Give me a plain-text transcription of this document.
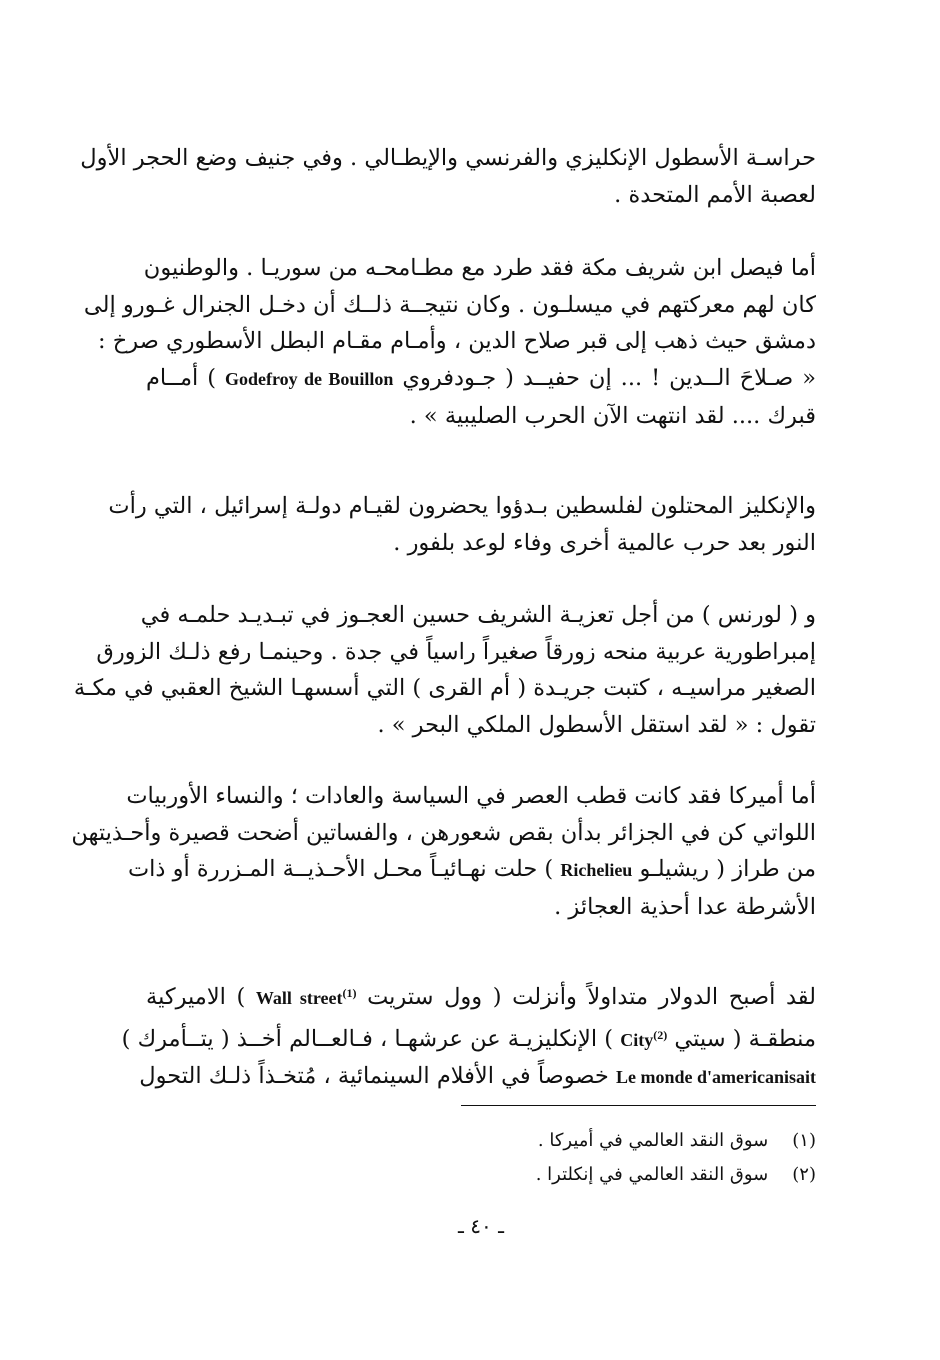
حراسـة الأسطول الإنكليزي والفرنسي والإيطـالي . وفي جنيف وضع الحجر الأول
لعصبة الأمم المتحدة .

أما فيصل ابن شريف مكة فقد طرد مع مطـامحـه من سوريـا . والوطنيون
كان لهم معركتهم في ميسلـون . وكان نتيجــة ذلــك أن دخـل الجنرال غـورو إلى
دمشق حيث ذهب إلى قبر صلاح الدين ، وأمـام مقـام البطل الأسطوري صرخ :
« صـلاحَ الــدين ! ... إن حفيــد ( جـودفروي Godefroy de Bouillon ) أمــام
قبرك .... لقد انتهت الآن الحرب الصليبية » .

والإنكليز المحتلون لفلسطين بـدؤوا يحضرون لقيـام دولـة إسرائيل ، التي رأت
النور بعد حرب عالمية أخرى وفاء لوعد بلفور .

و ( لورنس ) من أجل تعزيـة الشريف حسين العجـوز في تبـديـد حلمـه في
إمبراطورية عربية منحه زورقاً صغيراً راسياً في جدة . وحينمـا رفع ذلـك الزورق
الصغير مراسيـه ، كتبت جريـدة ( أم القرى ) التي أسسهـا الشيخ العقبي في مكـة
تقول : « لقد استقل الأسطول الملكي البحر » .

أما أميركا فقد كانت قطب العصر في السياسة والعادات ؛ والنساء الأوربيات
اللواتي كن في الجزائر بدأن بقص شعورهن ، والفساتين أضحت قصيرة وأحـذيتهن
من طراز ( ريشيلـو Richelieu ) حلت نهـائيـاً محـل الأحـذيــة المـزررة أو ذات
الأشرطة عدا أحذية العجائز .

لقد أصبح الدولار متداولاً وأنزلت ( وول ستريت Wall street$^{(1)}$ ) الاميركية
منطقـة ( سيتي City$^{(2)}$ ) الإنكليزيـة عن عرشهـا ، فـالعــالم أخــذ ( يتــأمرك )
Le monde d'americanisait خصوصاً في الأفلام السينمائية ، مُتخـذاً ذلـك التحول

(١) سوق النقد العالمي في أميركا .
(٢) سوق النقد العالمي في إنكلترا .
ـ ٤٠ ـ
